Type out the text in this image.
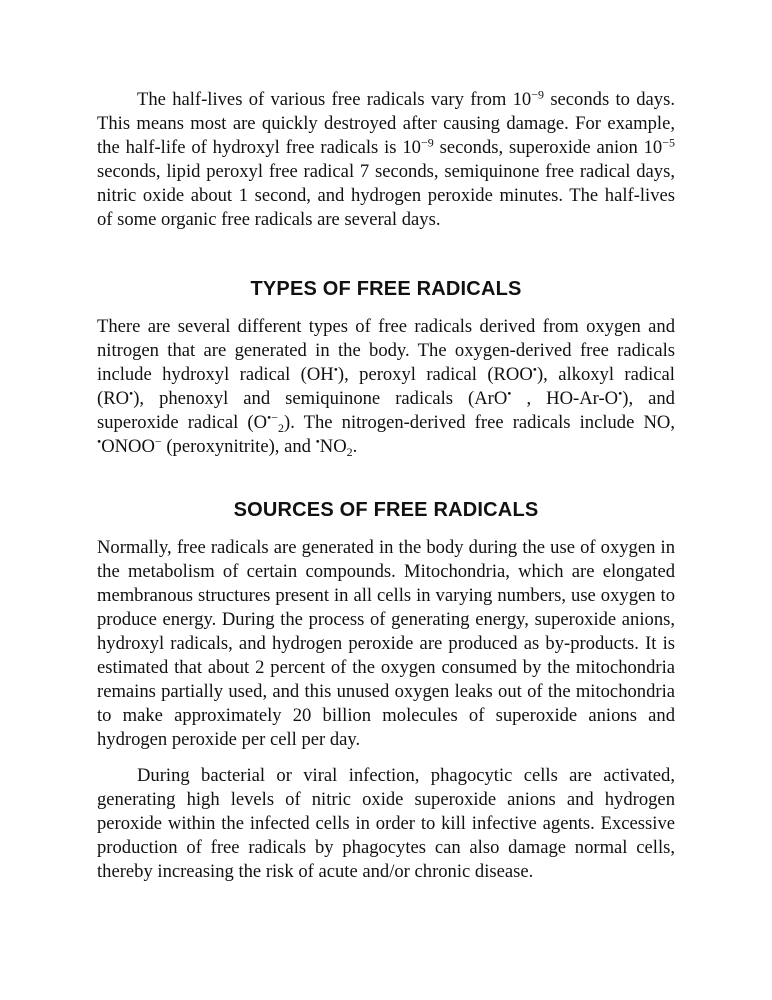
The half-lives of various free radicals vary from $10^{-9}$ seconds to days. This means most are quickly destroyed after causing damage. For example, the half-life of hydroxyl free radicals is $10^{-9}$ seconds, superoxide anion $10^{-5}$ seconds, lipid peroxyl free radical 7 seconds, semiquinone free radical days, nitric oxide about 1 second, and hydrogen peroxide minutes. The half-lives of some organic free radicals are several days.

TYPES OF FREE RADICALS

There are several different types of free radicals derived from oxygen and nitrogen that are generated in the body. The oxygen-derived free radicals include hydroxyl radical (OH•), peroxyl radical (ROO•), alkoxyl radical (RO•), phenoxyl and semiquinone radicals (ArO• , HO-Ar-O•), and superoxide radical $(O^{•-}_2)$. The nitrogen-derived free radicals include NO, •ONOO− (peroxynitrite), and $^•NO_2$.

SOURCES OF FREE RADICALS

Normally, free radicals are generated in the body during the use of oxygen in the metabolism of certain compounds. Mitochondria, which are elongated membranous structures present in all cells in varying numbers, use oxygen to produce energy. During the process of generating energy, superoxide anions, hydroxyl radicals, and hydrogen peroxide are produced as by-products. It is estimated that about 2 percent of the oxygen consumed by the mitochondria remains partially used, and this unused oxygen leaks out of the mitochondria to make approximately 20 billion molecules of superoxide anions and hydrogen peroxide per cell per day.

During bacterial or viral infection, phagocytic cells are activated, generating high levels of nitric oxide superoxide anions and hydrogen peroxide within the infected cells in order to kill infective agents. Excessive production of free radicals by phagocytes can also damage normal cells, thereby increasing the risk of acute and/or chronic disease.
